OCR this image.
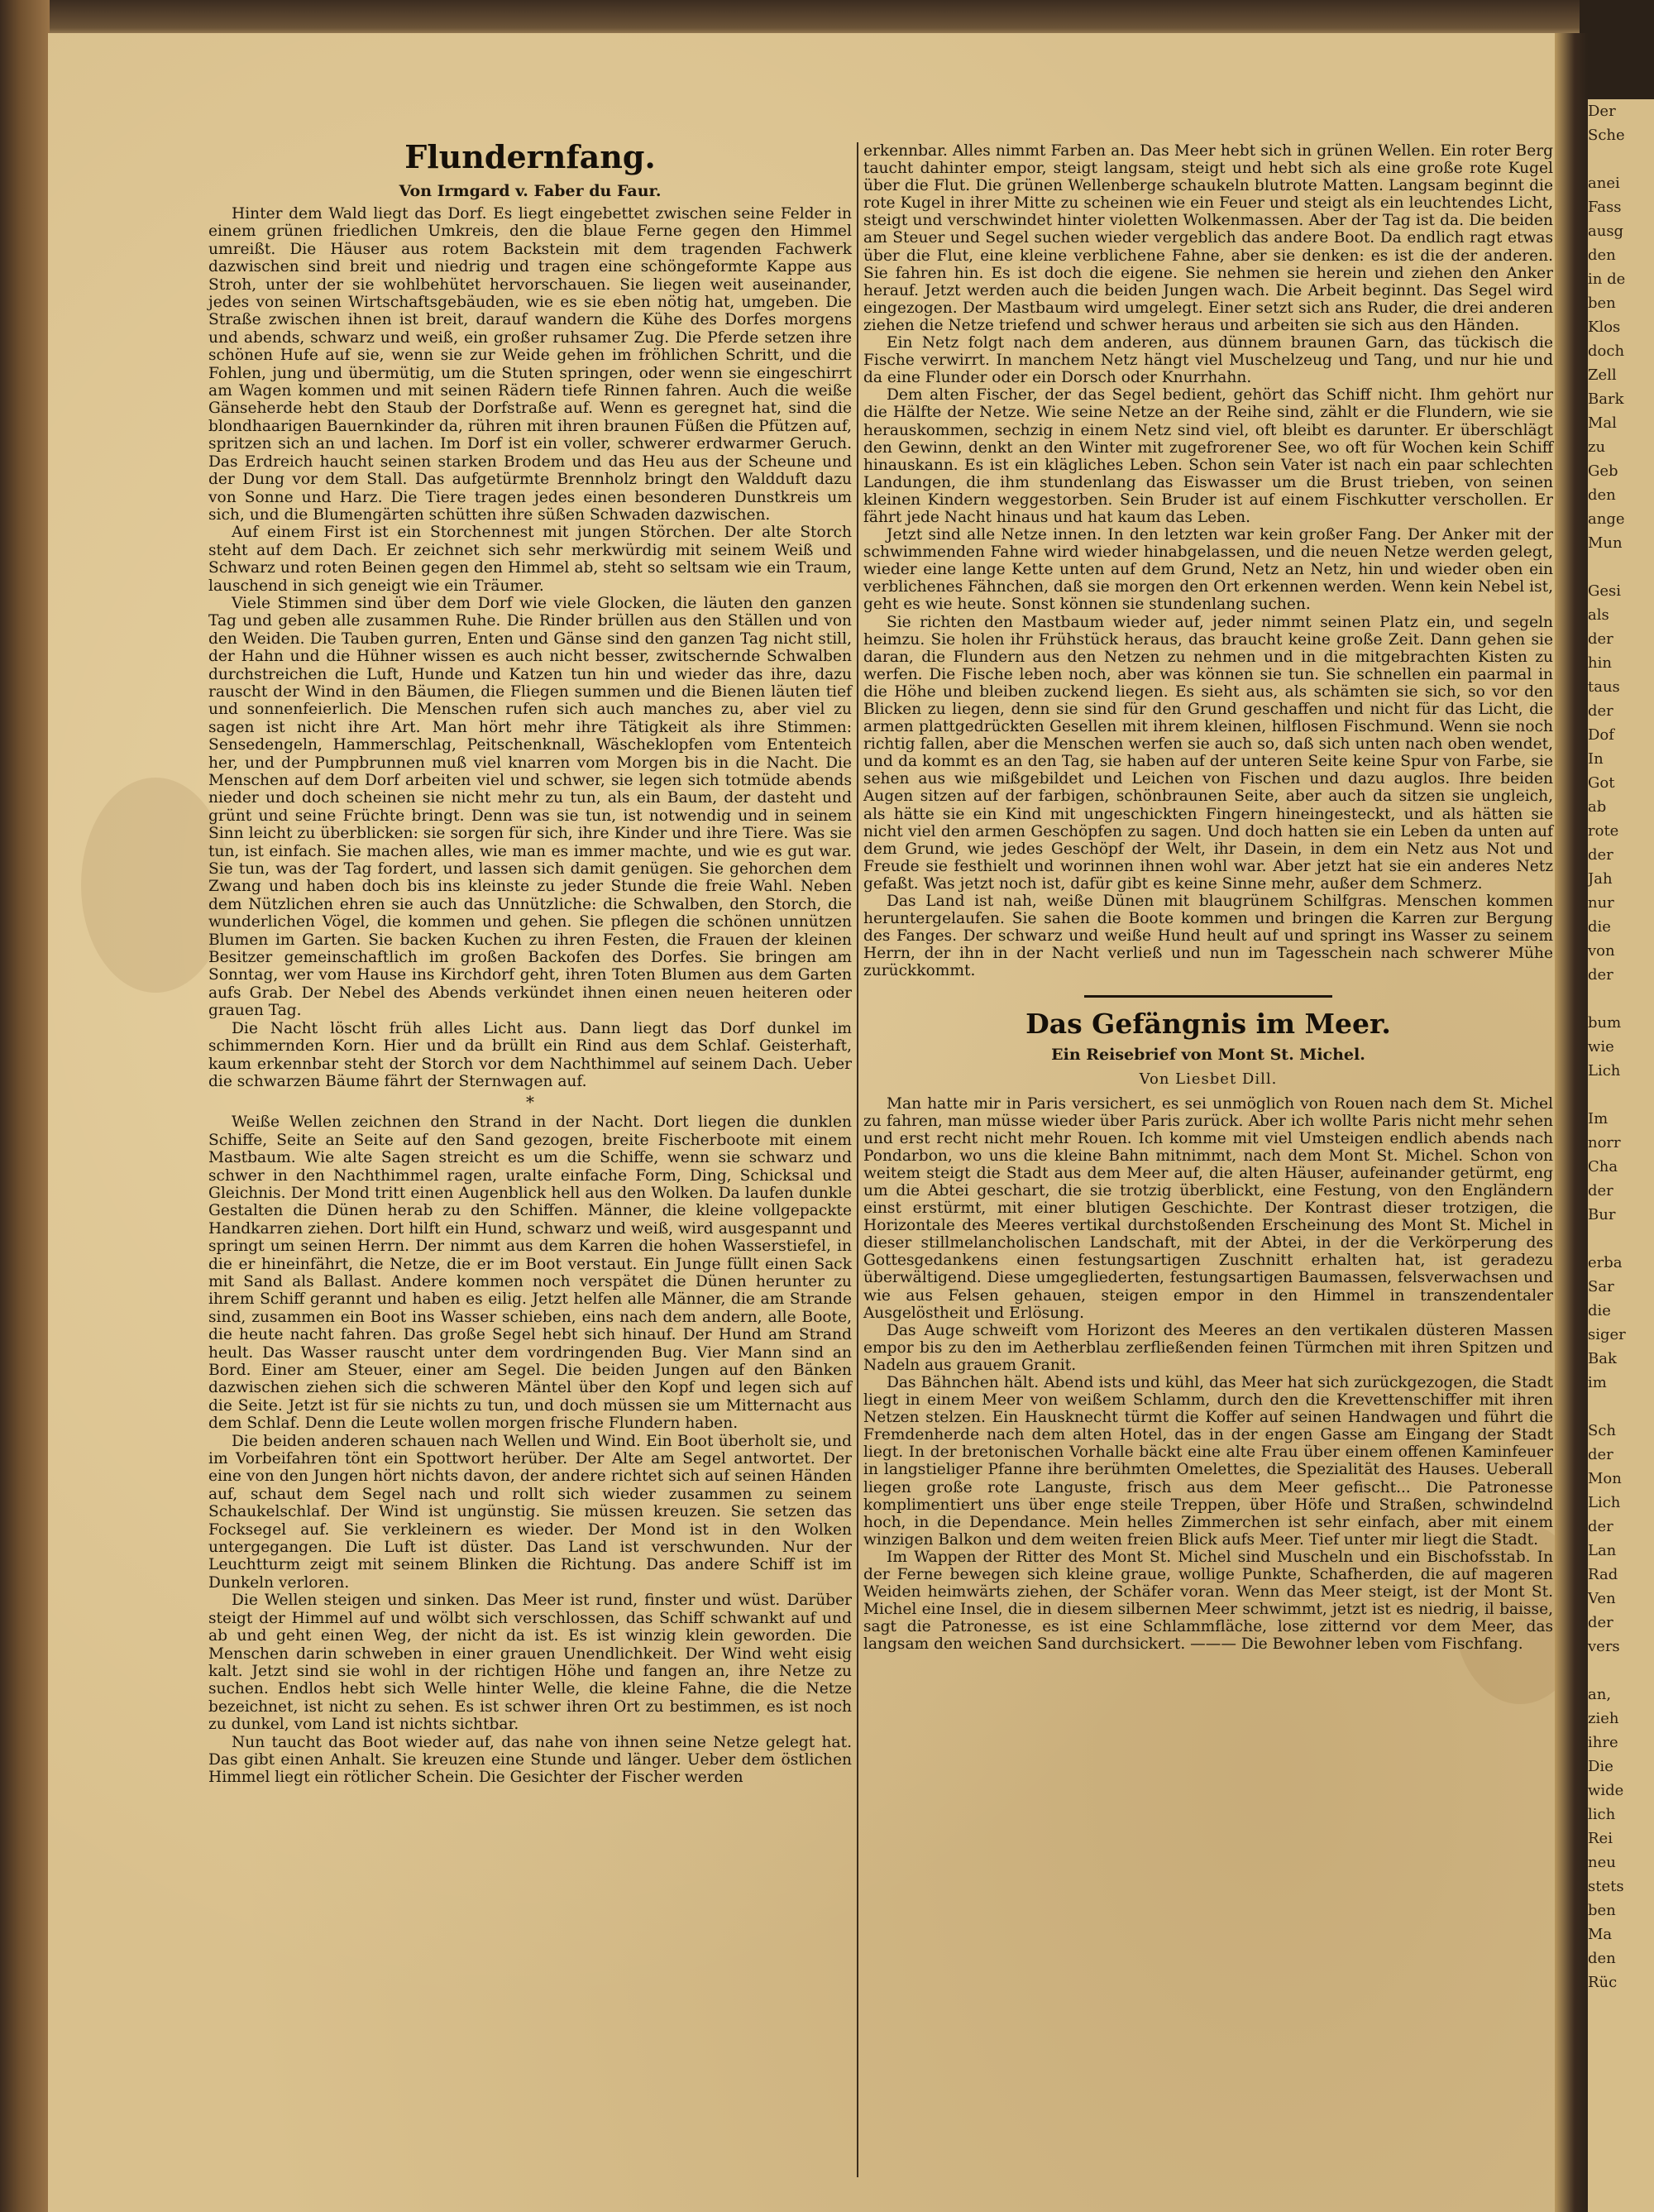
Flundernfang.
Von Irmgard v. Faber du Faur.

Hinter dem Wald liegt das Dorf. Es liegt eingebettet zwischen seine Felder in einem grünen friedlichen Umkreis, den die blaue Ferne gegen den Himmel umreißt. Die Häuser aus rotem Backstein mit dem tragenden Fachwerk dazwischen sind breit und niedrig und tragen eine schöngeformte Kappe aus Stroh, unter der sie wohlbehütet hervorschauen. Sie liegen weit auseinander, jedes von seinen Wirtschaftsgebäuden, wie es sie eben nötig hat, umgeben. Die Straße zwischen ihnen ist breit, darauf wandern die Kühe des Dorfes morgens und abends, schwarz und weiß, ein großer ruhsamer Zug. Die Pferde setzen ihre schönen Hufe auf sie, wenn sie zur Weide gehen im fröhlichen Schritt, und die Fohlen, jung und übermütig, um die Stuten springen, oder wenn sie eingeschirrt am Wagen kommen und mit seinen Rädern tiefe Rinnen fahren. Auch die weiße Gänseherde hebt den Staub der Dorfstraße auf. Wenn es geregnet hat, sind die blondhaarigen Bauernkinder da, rühren mit ihren braunen Füßen die Pfützen auf, spritzen sich an und lachen. Im Dorf ist ein voller, schwerer erdwarmer Geruch. Das Erdreich haucht seinen starken Brodem und das Heu aus der Scheune und der Dung vor dem Stall. Das aufgetürmte Brennholz bringt den Waldduft dazu von Sonne und Harz. Die Tiere tragen jedes einen besonderen Dunstkreis um sich, und die Blumengärten schütten ihre süßen Schwaden dazwischen.

Auf einem First ist ein Storchennest mit jungen Störchen. Der alte Storch steht auf dem Dach. Er zeichnet sich sehr merkwürdig mit seinem Weiß und Schwarz und roten Beinen gegen den Himmel ab, steht so seltsam wie ein Traum, lauschend in sich geneigt wie ein Träumer.

Viele Stimmen sind über dem Dorf wie viele Glocken, die läuten den ganzen Tag und geben alle zusammen Ruhe. Die Rinder brüllen aus den Ställen und von den Weiden. Die Tauben gurren, Enten und Gänse sind den ganzen Tag nicht still, der Hahn und die Hühner wissen es auch nicht besser, zwitschernde Schwalben durchstreichen die Luft, Hunde und Katzen tun hin und wieder das ihre, dazu rauscht der Wind in den Bäumen, die Fliegen summen und die Bienen läuten tief und sonnenfeierlich. Die Menschen rufen sich auch manches zu, aber viel zu sagen ist nicht ihre Art. Man hört mehr ihre Tätigkeit als ihre Stimmen: Sensedengeln, Hammerschlag, Peitschenknall, Wäscheklopfen vom Ententeich her, und der Pumpbrunnen muß viel knarren vom Morgen bis in die Nacht. Die Menschen auf dem Dorf arbeiten viel und schwer, sie legen sich totmüde abends nieder und doch scheinen sie nicht mehr zu tun, als ein Baum, der dasteht und grünt und seine Früchte bringt. Denn was sie tun, ist notwendig und in seinem Sinn leicht zu überblicken: sie sorgen für sich, ihre Kinder und ihre Tiere. Was sie tun, ist einfach. Sie machen alles, wie man es immer machte, und wie es gut war. Sie tun, was der Tag fordert, und lassen sich damit genügen. Sie gehorchen dem Zwang und haben doch bis ins kleinste zu jeder Stunde die freie Wahl. Neben dem Nützlichen ehren sie auch das Unnützliche: die Schwalben, den Storch, die wunderlichen Vögel, die kommen und gehen. Sie pflegen die schönen unnützen Blumen im Garten. Sie backen Kuchen zu ihren Festen, die Frauen der kleinen Besitzer gemeinschaftlich im großen Backofen des Dorfes. Sie bringen am Sonntag, wer vom Hause ins Kirchdorf geht, ihren Toten Blumen aus dem Garten aufs Grab. Der Nebel des Abends verkündet ihnen einen neuen heiteren oder grauen Tag.

Die Nacht löscht früh alles Licht aus. Dann liegt das Dorf dunkel im schimmernden Korn. Hier und da brüllt ein Rind aus dem Schlaf. Geisterhaft, kaum erkennbar steht der Storch vor dem Nachthimmel auf seinem Dach. Ueber die schwarzen Bäume fährt der Sternwagen auf.

*

Weiße Wellen zeichnen den Strand in der Nacht. Dort liegen die dunklen Schiffe, Seite an Seite auf den Sand gezogen, breite Fischerboote mit einem Mastbaum. Wie alte Sagen streicht es um die Schiffe, wenn sie schwarz und schwer in den Nachthimmel ragen, uralte einfache Form, Ding, Schicksal und Gleichnis. Der Mond tritt einen Augenblick hell aus den Wolken. Da laufen dunkle Gestalten die Dünen herab zu den Schiffen. Männer, die kleine vollgepackte Handkarren ziehen. Dort hilft ein Hund, schwarz und weiß, wird ausgespannt und springt um seinen Herrn. Der nimmt aus dem Karren die hohen Wasserstiefel, in die er hineinfährt, die Netze, die er im Boot verstaut. Ein Junge füllt einen Sack mit Sand als Ballast. Andere kommen noch verspätet die Dünen herunter zu ihrem Schiff gerannt und haben es eilig. Jetzt helfen alle Männer, die am Strande sind, zusammen ein Boot ins Wasser schieben, eins nach dem andern, alle Boote, die heute nacht fahren. Das große Segel hebt sich hinauf. Der Hund am Strand heult. Das Wasser rauscht unter dem vordringenden Bug. Vier Mann sind an Bord. Einer am Steuer, einer am Segel. Die beiden Jungen auf den Bänken dazwischen ziehen sich die schweren Mäntel über den Kopf und legen sich auf die Seite. Jetzt ist für sie nichts zu tun, und doch müssen sie um Mitternacht aus dem Schlaf. Denn die Leute wollen morgen frische Flundern haben.

Die beiden anderen schauen nach Wellen und Wind. Ein Boot überholt sie, und im Vorbeifahren tönt ein Spottwort herüber. Der Alte am Segel antwortet. Der eine von den Jungen hört nichts davon, der andere richtet sich auf seinen Händen auf, schaut dem Segel nach und rollt sich wieder zusammen zu seinem Schaukelschlaf. Der Wind ist ungünstig. Sie müssen kreuzen. Sie setzen das Focksegel auf. Sie verkleinern es wieder. Der Mond ist in den Wolken untergegangen. Die Luft ist düster. Das Land ist verschwunden. Nur der Leuchtturm zeigt mit seinem Blinken die Richtung. Das andere Schiff ist im Dunkeln verloren.

Die Wellen steigen und sinken. Das Meer ist rund, finster und wüst. Darüber steigt der Himmel auf und wölbt sich verschlossen, das Schiff schwankt auf und ab und geht einen Weg, der nicht da ist. Es ist winzig klein geworden. Die Menschen darin schweben in einer grauen Unendlichkeit. Der Wind weht eisig kalt. Jetzt sind sie wohl in der richtigen Höhe und fangen an, ihre Netze zu suchen. Endlos hebt sich Welle hinter Welle, die kleine Fahne, die die Netze bezeichnet, ist nicht zu sehen. Es ist schwer ihren Ort zu bestimmen, es ist noch zu dunkel, vom Land ist nichts sichtbar.

Nun taucht das Boot wieder auf, das nahe von ihnen seine Netze gelegt hat. Das gibt einen Anhalt. Sie kreuzen eine Stunde und länger. Ueber dem östlichen Himmel liegt ein rötlicher Schein. Die Gesichter der Fischer werden

erkennbar. Alles nimmt Farben an. Das Meer hebt sich in grünen Wellen. Ein roter Berg taucht dahinter empor, steigt langsam, steigt und hebt sich als eine große rote Kugel über die Flut. Die grünen Wellenberge schaukeln blutrote Matten. Langsam beginnt die rote Kugel in ihrer Mitte zu scheinen wie ein Feuer und steigt als ein leuchtendes Licht, steigt und verschwindet hinter violetten Wolkenmassen. Aber der Tag ist da. Die beiden am Steuer und Segel suchen wieder vergeblich das andere Boot. Da endlich ragt etwas über die Flut, eine kleine verblichene Fahne, aber sie denken: es ist die der anderen. Sie fahren hin. Es ist doch die eigene. Sie nehmen sie herein und ziehen den Anker herauf. Jetzt werden auch die beiden Jungen wach. Die Arbeit beginnt. Das Segel wird eingezogen. Der Mastbaum wird umgelegt. Einer setzt sich ans Ruder, die drei anderen ziehen die Netze triefend und schwer heraus und arbeiten sie sich aus den Händen.

Ein Netz folgt nach dem anderen, aus dünnem braunen Garn, das tückisch die Fische verwirrt. In manchem Netz hängt viel Muschelzeug und Tang, und nur hie und da eine Flunder oder ein Dorsch oder Knurrhahn.

Dem alten Fischer, der das Segel bedient, gehört das Schiff nicht. Ihm gehört nur die Hälfte der Netze. Wie seine Netze an der Reihe sind, zählt er die Flundern, wie sie herauskommen, sechzig in einem Netz sind viel, oft bleibt es darunter. Er überschlägt den Gewinn, denkt an den Winter mit zugefrorener See, wo oft für Wochen kein Schiff hinauskann. Es ist ein klägliches Leben. Schon sein Vater ist nach ein paar schlechten Landungen, die ihm stundenlang das Eiswasser um die Brust trieben, von seinen kleinen Kindern weggestorben. Sein Bruder ist auf einem Fischkutter verschollen. Er fährt jede Nacht hinaus und hat kaum das Leben.

Jetzt sind alle Netze innen. In den letzten war kein großer Fang. Der Anker mit der schwimmenden Fahne wird wieder hinabgelassen, und die neuen Netze werden gelegt, wieder eine lange Kette unten auf dem Grund, Netz an Netz, hin und wieder oben ein verblichenes Fähnchen, daß sie morgen den Ort erkennen werden. Wenn kein Nebel ist, geht es wie heute. Sonst können sie stundenlang suchen.

Sie richten den Mastbaum wieder auf, jeder nimmt seinen Platz ein, und segeln heimzu. Sie holen ihr Frühstück heraus, das braucht keine große Zeit. Dann gehen sie daran, die Flundern aus den Netzen zu nehmen und in die mitgebrachten Kisten zu werfen. Die Fische leben noch, aber was können sie tun. Sie schnellen ein paarmal in die Höhe und bleiben zuckend liegen. Es sieht aus, als schämten sie sich, so vor den Blicken zu liegen, denn sie sind für den Grund geschaffen und nicht für das Licht, die armen plattgedrückten Gesellen mit ihrem kleinen, hilflosen Fischmund. Wenn sie noch richtig fallen, aber die Menschen werfen sie auch so, daß sich unten nach oben wendet, und da kommt es an den Tag, sie haben auf der unteren Seite keine Spur von Farbe, sie sehen aus wie mißgebildet und Leichen von Fischen und dazu auglos. Ihre beiden Augen sitzen auf der farbigen, schönbraunen Seite, aber auch da sitzen sie ungleich, als hätte sie ein Kind mit ungeschickten Fingern hineingesteckt, und als hätten sie nicht viel den armen Geschöpfen zu sagen. Und doch hatten sie ein Leben da unten auf dem Grund, wie jedes Geschöpf der Welt, ihr Dasein, in dem ein Netz aus Not und Freude sie festhielt und worinnen ihnen wohl war. Aber jetzt hat sie ein anderes Netz gefaßt. Was jetzt noch ist, dafür gibt es keine Sinne mehr, außer dem Schmerz.

Das Land ist nah, weiße Dünen mit blaugrünem Schilfgras. Menschen kommen heruntergelaufen. Sie sahen die Boote kommen und bringen die Karren zur Bergung des Fanges. Der schwarz und weiße Hund heult auf und springt ins Wasser zu seinem Herrn, der ihn in der Nacht verließ und nun im Tagesschein nach schwerer Mühe zurückkommt.

Das Gefängnis im Meer.
Ein Reisebrief von Mont St. Michel.
Von Liesbet Dill.

Man hatte mir in Paris versichert, es sei unmöglich von Rouen nach dem St. Michel zu fahren, man müsse wieder über Paris zurück. Aber ich wollte Paris nicht mehr sehen und erst recht nicht mehr Rouen. Ich komme mit viel Umsteigen endlich abends nach Pondarbon, wo uns die kleine Bahn mitnimmt, nach dem Mont St. Michel. Schon von weitem steigt die Stadt aus dem Meer auf, die alten Häuser, aufeinander getürmt, eng um die Abtei geschart, die sie trotzig überblickt, eine Festung, von den Engländern einst erstürmt, mit einer blutigen Geschichte. Der Kontrast dieser trotzigen, die Horizontale des Meeres vertikal durchstoßenden Erscheinung des Mont St. Michel in dieser stillmelancholischen Landschaft, mit der Abtei, in der die Verkörperung des Gottesgedankens einen festungsartigen Zuschnitt erhalten hat, ist geradezu überwältigend. Diese umgegliederten, festungsartigen Baumassen, felsverwachsen und wie aus Felsen gehauen, steigen empor in den Himmel in transzendentaler Ausgelöstheit und Erlösung.

Das Auge schweift vom Horizont des Meeres an den vertikalen düsteren Massen empor bis zu den im Aetherblau zerfließenden feinen Türmchen mit ihren Spitzen und Nadeln aus grauem Granit.

Das Bähnchen hält. Abend ists und kühl, das Meer hat sich zurückgezogen, die Stadt liegt in einem Meer von weißem Schlamm, durch den die Krevettenschiffer mit ihren Netzen stelzen. Ein Hausknecht türmt die Koffer auf seinen Handwagen und führt die Fremdenherde nach dem alten Hotel, das in der engen Gasse am Eingang der Stadt liegt. In der bretonischen Vorhalle bäckt eine alte Frau über einem offenen Kaminfeuer in langstieliger Pfanne ihre berühmten Omelettes, die Spezialität des Hauses. Ueberall liegen große rote Languste, frisch aus dem Meer gefischt... Die Patronesse komplimentiert uns über enge steile Treppen, über Höfe und Straßen, schwindelnd hoch, in die Dependance. Mein helles Zimmerchen ist sehr einfach, aber mit einem winzigen Balkon und dem weiten freien Blick aufs Meer. Tief unter mir liegt die Stadt.

Im Wappen der Ritter des Mont St. Michel sind Muscheln und ein Bischofsstab. In der Ferne bewegen sich kleine graue, wollige Punkte, Schafherden, die auf mageren Weiden heimwärts ziehen, der Schäfer voran. Wenn das Meer steigt, ist der Mont St. Michel eine Insel, die in diesem silbernen Meer schwimmt, jetzt ist es niedrig, il baisse, sagt die Patronesse, es ist eine Schlammfläche, lose zitternd vor dem Meer, das langsam den weichen Sand durchsickert. ——— Die Bewohner leben vom Fischfang.

Der
Sche

anei
Fass
ausg
den
in de
ben
Klos
doch
Zell
Bark
Mal
zu
Geb
den
ange
Mun

Gesi
als
der
hin
taus
der
Dof
In
Got
ab
rote
der
Jah
nur
die
von
der

bum
wie
Lich

Im
norr
Cha
der
Bur

erba
Sar
die
siger
Bak
im

Sch
der
Mon
Lich
der
Lan
Rad
Ven
der
vers

an,
zieh
ihre
Die
wide
lich
Rei
neu
stets
ben
Ma
den
Rüc
